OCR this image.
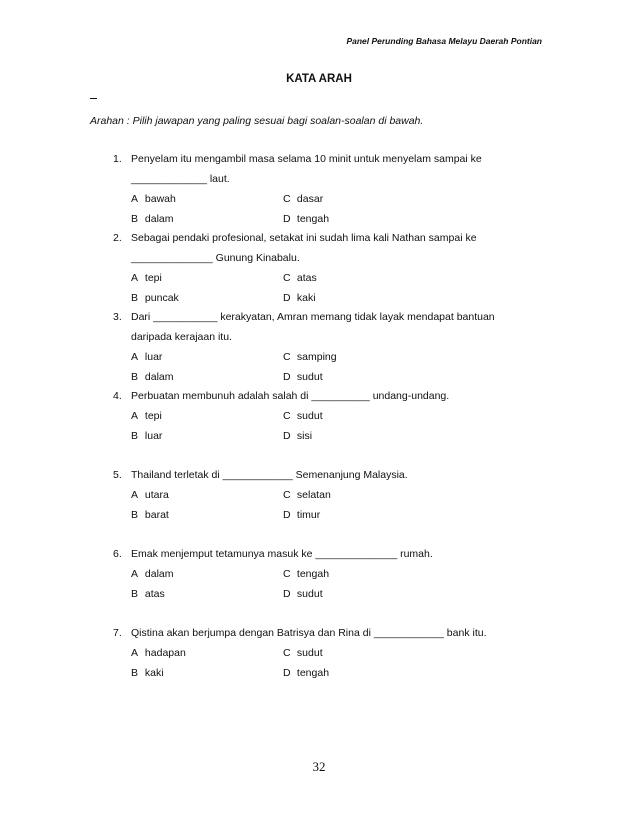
Panel Perunding Bahasa Melayu Daerah Pontian
KATA ARAH
Arahan : Pilih jawapan yang paling sesuai bagi soalan-soalan di bawah.
1. Penyelam itu mengambil masa selama 10 minit untuk menyelam sampai ke
_____________ laut.
A bawah	C dasar
B dalam	D tengah
2. Sebagai pendaki profesional, setakat ini sudah lima kali Nathan sampai ke
______________ Gunung Kinabalu.
A tepi	C atas
B puncak	D kaki
3. Dari ___________ kerakyatan, Amran memang tidak layak mendapat bantuan
daripada kerajaan itu.
A luar	C samping
B dalam	D sudut
4. Perbuatan membunuh adalah salah di __________ undang-undang.
A tepi	C sudut
B luar	D sisi
5. Thailand terletak di ____________ Semenanjung Malaysia.
A utara	C selatan
B barat	D timur
6. Emak menjemput tetamunya masuk ke ______________ rumah.
A dalam	C tengah
B atas	D sudut
7. Qistina akan berjumpa dengan Batrisya dan Rina di ____________ bank itu.
A hadapan	C sudut
B kaki	D tengah
32
